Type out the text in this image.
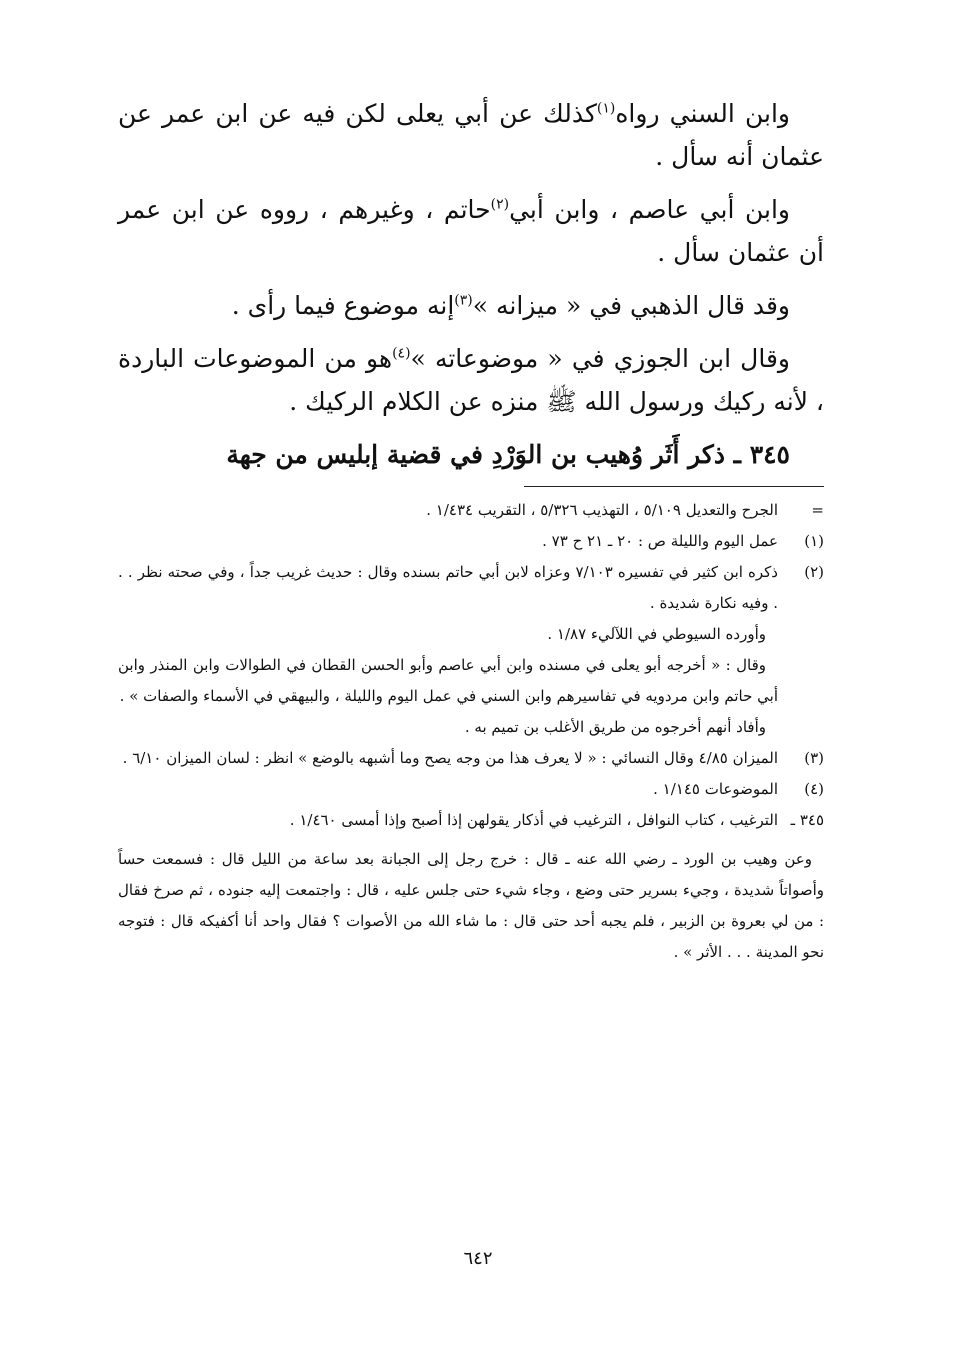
وابن السني رواه$^{(١)}$كذلك عن أبي يعلى لكن فيه عن ابن عمر عن عثمان أنه سأل .

وابن أبي عاصم ، وابن أبي$^{(٢)}$حاتم ، وغيرهم ، رووه عن ابن عمر أن عثمان سأل .

وقد قال الذهبي في « ميزانه »$^{(٣)}$إنه موضوع فيما رأى .

وقال ابن الجوزي في « موضوعاته »$^{(٤)}$هو من الموضوعات الباردة ، لأنه ركيك ورسول الله ﷺ منزه عن الكلام الركيك .

٣٤٥ ـ ذكر أَثَر وُهيب بن الوَرْدِ في قضية إبليس من جهة

=

الجرح والتعديل ٥/١٠٩ ، التهذيب ٥/٣٢٦ ، التقريب ١/٤٣٤ .

(١)

عمل اليوم والليلة ص : ٢٠ ـ ٢١ ح ٧٣ .

(٢)

ذكره ابن كثير في تفسيره ٧/١٠٣ وعزاه لابن أبي حاتم بسنده وقال : حديث غريب جداً ، وفي صحته نظر . . . وفيه نكارة شديدة .

وأورده السيوطي في اللآليء ١/٨٧ .

وقال : « أخرجه أبو يعلى في مسنده وابن أبي عاصم وأبو الحسن القطان في الطوالات وابن المنذر وابن أبي حاتم وابن مردويه في تفاسيرهم وابن السني في عمل اليوم والليلة ، والبيهقي في الأسماء والصفات » .

وأفاد أنهم أخرجوه من طريق الأغلب بن تميم به .

(٣)

الميزان ٤/٨٥ وقال النسائي : « لا يعرف هذا من وجه يصح وما أشبهه بالوضع » انظر : لسان الميزان ٦/١٠ .

(٤)

الموضوعات ١/١٤٥ .

٣٤٥ ـ

الترغيب ، كتاب النوافل ، الترغيب في أذكار يقولهن إذا أصبح وإذا أمسى ١/٤٦٠ .

وعن وهيب بن الورد ـ رضي الله عنه ـ قال : خرج رجل إلى الجبانة بعد ساعة من الليل قال : فسمعت حساً وأصواتاً شديدة ، وجيء بسرير حتى وضع ، وجاء شيء حتى جلس عليه ، قال : واجتمعت إليه جنوده ، ثم صرخ فقال : من لي بعروة بن الزبير ، فلم يجبه أحد حتى قال : ما شاء الله من الأصوات ؟ فقال واحد أنا أكفيكه قال : فتوجه نحو المدينة . . . الأثر » .

٦٤٢
